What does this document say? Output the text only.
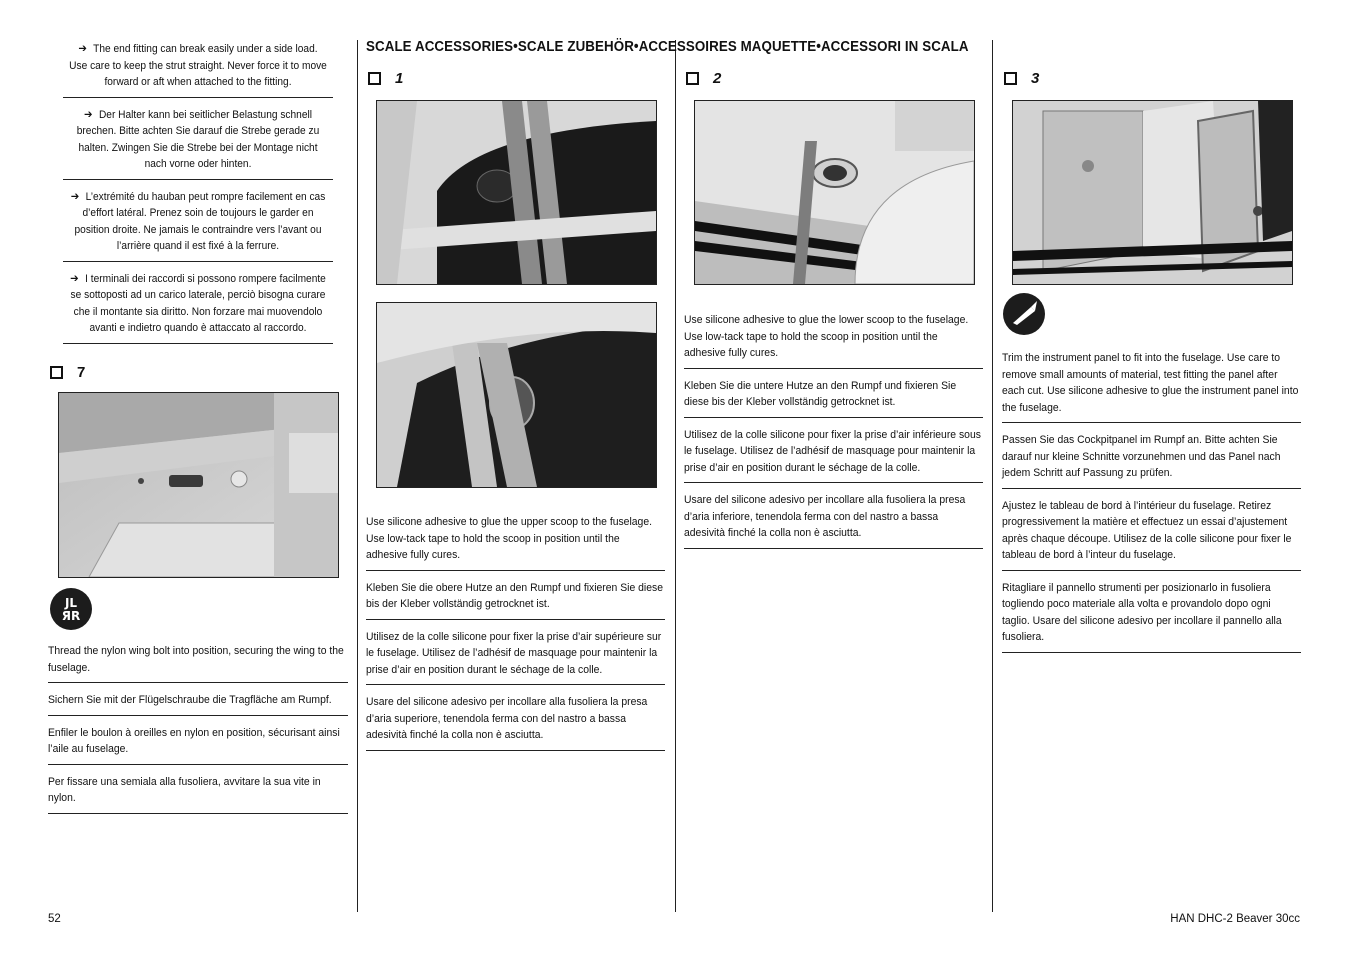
➔ The end fitting can break easily under a side load. Use care to keep the strut straight. Never force it to move forward or aft when attached to the fitting.
➔ Der Halter kann bei seitlicher Belastung schnell brechen. Bitte achten Sie darauf die Strebe gerade zu halten. Zwingen Sie die Strebe bei der Montage nicht nach vorne oder hinten.
➔ L’extrémité du hauban peut rompre facilement en cas d’effort latéral. Prenez soin de toujours le garder en position droite. Ne jamais le contraindre vers l’avant ou l’arrière quand il est fixé à la ferrure.
➔ I terminali dei raccordi si possono rompere facilmente se sottoposti ad un carico laterale, perciò bisogna curare che il montante sia diritto. Non forzare mai muovendolo avanti e indietro quando è attaccato al raccordo.
7
JL
ЯR
Thread the nylon wing bolt into position, securing the wing to the fuselage.
Sichern Sie mit der Flügelschraube die Tragfläche am Rumpf.
Enfiler le boulon à oreilles en nylon en position, sécurisant ainsi l’aile au fuselage.
Per fissare una semiala alla fusoliera, avvitare la sua vite in nylon.
SCALE ACCESSORIES•SCALE ZUBEHÖR•ACCESSOIRES MAQUETTE•ACCESSORI IN SCALA
1
Use silicone adhesive to glue the upper scoop to the fuselage. Use low-tack tape to hold the scoop in position until the adhesive fully cures.
Kleben Sie die obere Hutze an den Rumpf und fixieren Sie diese bis der Kleber vollständig getrocknet ist.
Utilisez de la colle silicone pour fixer la prise d’air supérieure sur le fuselage. Utilisez de l’adhésif de masquage pour maintenir la prise d’air en position durant le séchage de la colle.
Usare del silicone adesivo per incollare alla fusoliera la presa d’aria superiore, tenendola ferma con del nastro a bassa adesività finché la colla non è asciutta.
2
Use silicone adhesive to glue the lower scoop to the fuselage. Use low-tack tape to hold the scoop in position until the adhesive fully cures.
Kleben Sie die untere Hutze an den Rumpf und fixieren Sie diese bis der Kleber vollständig getrocknet ist.
Utilisez de la colle silicone pour fixer la prise d’air inférieure sous le fuselage. Utilisez de l’adhésif de masquage pour maintenir la prise d’air en position durant le séchage de la colle.
Usare del silicone adesivo per incollare alla fusoliera la presa d’aria inferiore, tenendola ferma con del nastro a bassa adesività finché la colla non è asciutta.
3
Trim the instrument panel to fit into the fuselage. Use care to remove small amounts of material, test fitting the panel after each cut. Use silicone adhesive to glue the instrument panel into the fuselage.
Passen Sie das Cockpitpanel im Rumpf an. Bitte achten Sie darauf nur kleine Schnitte vorzunehmen und das Panel nach jedem Schritt auf Passung zu prüfen.
Ajustez le tableau de bord à l’intérieur du fuselage. Retirez progressivement la matière et effectuez un essai d’ajustement après chaque découpe. Utilisez de la colle silicone pour fixer le tableau de bord à l’inteur du fuselage.
Ritagliare il pannello strumenti per posizionarlo in fusoliera togliendo poco materiale alla volta e provandolo dopo ogni taglio. Usare del silicone adesivo per incollare il pannello alla fusoliera.
52	HAN DHC-2 Beaver 30cc
